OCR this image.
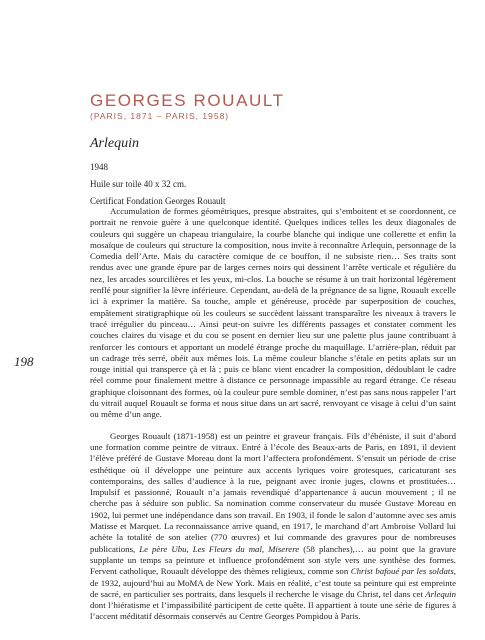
198
GEORGES ROUAULT
(PARIS, 1871 – PARIS, 1958)
Arlequin
1948
Huile sur toile 40 x 32 cm.
Certificat Fondation Georges Rouault

Accumulation de formes géométriques, presque abstraites, qui s’emboitent et se coordonnent, ce portrait ne renvoie guère à une quelconque identité. Quelques indices telles les deux diagonales de couleurs qui suggère un chapeau triangulaire, la courbe blanche qui indique une collerette et enfin la mosaïque de couleurs qui structure la composition, nous invite à reconnaître Arlequin, personnage de la Comedia dell’Arte. Mais du caractère comique de ce bouffon, il ne subsiste rien… Ses traits sont rendus avec une grande épure par de larges cernes noirs qui dessinent l’arrête verticale et régulière du nez, les arcades sourcilières et les yeux, mi-clos. La bouche se résume à un trait horizontal légèrement renflé pour signifier la lèvre inférieure. Cependant, au-delà de la prégnance de sa ligne, Rouault excelle ici à exprimer la matière. Sa touche, ample et généreuse, procède par superposition de couches, empâtement stratigraphique où les couleurs se succèdent laissant transparaître les niveaux à travers le tracé irrégulier du pinceau… Ainsi peut-on suivre les différents passages et constater comment les couches claires du visage et du cou se posent en dernier lieu sur une palette plus jaune contribuant à renforcer les contours et apportant un modelé étrange proche du maquillage. L’arrière-plan, réduit par un cadrage très serré, obéit aux mêmes lois. La même couleur blanche s’étale en petits aplats sur un rouge initial qui transperce çà et là ; puis ce blanc vient encadrer la composition, dédoublant le cadre réel comme pour finalement mettre à distance ce personnage impassible au regard étrange. Ce réseau graphique cloisonnant des formes, où la couleur pure semble dominer, n’est pas sans nous rappeler l’art du vitrail auquel Rouault se forma et nous situe dans un art sacré, renvoyant ce visage à celui d’un saint ou même d’un ange.

Georges Rouault (1871-1958) est un peintre et graveur français. Fils d’ébéniste, il suit d’abord une formation comme peintre de vitraux. Entré à l’école des Beaux-arts de Paris, en 1891, il devient l’élève préféré de Gustave Moreau dont la mort l’affectera profondément. S’ensuit un période de crise esthétique où il développe une peinture aux accents lyriques voire grotesques, caricaturant ses contemporains, des salles d’audience à la rue, peignant avec ironie juges, clowns et prostituées… Impulsif et passionné, Rouault n’a jamais revendiqué d’appartenance à aucun mouvement ; il ne cherche pas à séduire son public. Sa nomination comme conservateur du musée Gustave Moreau en 1902, lui permet une indépendance dans son travail. En 1903, il fonde le salon d’automne avec ses amis Matisse et Marquet. La reconnaissance arrive quand, en 1917, le marchand d’art Ambroise Vollard lui achète la totalité de son atelier (770 œuvres) et lui commande des gravures pour de nombreuses publications, Le père Ubu, Les Fleurs du mal, Miserere (58 planches),… au point que la gravure supplante un temps sa peinture et influence profondément son style vers une synthèse des formes. Fervent catholique, Rouault développe des thèmes religieux, comme son Christ bafoué par les soldats, de 1932, aujourd’hui au MoMA de New York. Mais en réalité, c’est toute sa peinture qui est empreinte de sacré, en particulier ses portraits, dans lesquels il recherche le visage du Christ, tel dans cet Arlequin dont l’hiératisme et l’impassibilité participent de cette quête. Il appartient à toute une série de figures à l’accent méditatif désormais conservés au Centre Georges Pompidou à Paris.
